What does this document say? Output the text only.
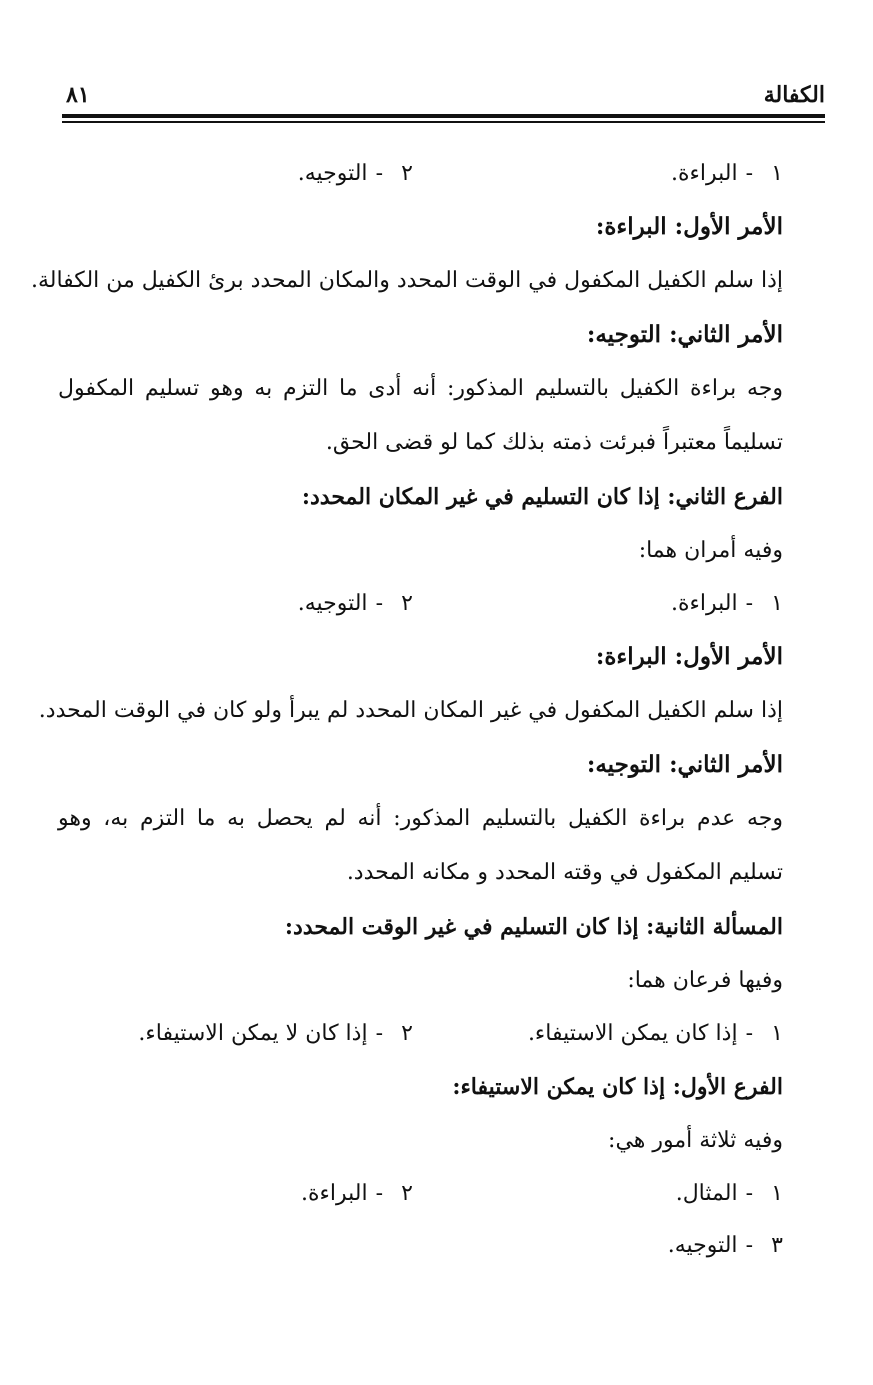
الكفالة
٨١
١-البراءة.
٢-التوجيه.
الأمر الأول: البراءة:
إذا سلم الكفيل المكفول في الوقت المحدد والمكان المحدد برئ الكفيل من الكفالة.
الأمر الثاني: التوجيه:
وجه براءة الكفيل بالتسليم المذكور: أنه أدى ما التزم به وهو تسليم المكفول
تسليماً معتبراً فبرئت ذمته بذلك كما لو قضى الحق.
الفرع الثاني: إذا كان التسليم في غير المكان المحدد:
وفيه أمران هما:
١-البراءة.
٢-التوجيه.
الأمر الأول: البراءة:
إذا سلم الكفيل المكفول في غير المكان المحدد لم يبرأ ولو كان في الوقت المحدد.
الأمر الثاني: التوجيه:
وجه عدم براءة الكفيل بالتسليم المذكور: أنه لم يحصل به ما التزم به، وهو
تسليم المكفول في وقته المحدد و مكانه المحدد.
المسألة الثانية: إذا كان التسليم في غير الوقت المحدد:
وفيها فرعان هما:
١-إذا كان يمكن الاستيفاء.
٢-إذا كان لا يمكن الاستيفاء.
الفرع الأول: إذا كان يمكن الاستيفاء:
وفيه ثلاثة أمور هي:
١-المثال.
٢-البراءة.
٣-التوجيه.
